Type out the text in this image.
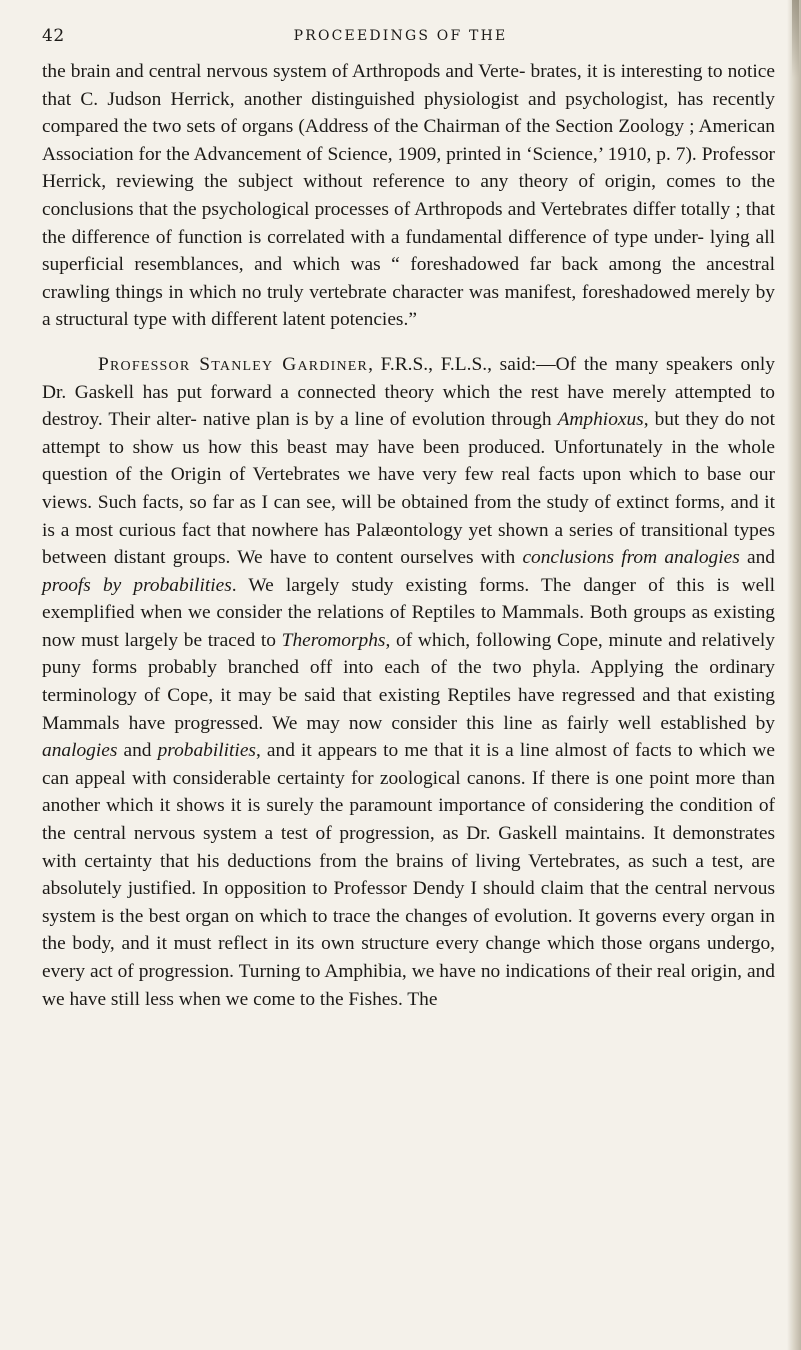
42	PROCEEDINGS OF THE

the brain and central nervous system of Arthropods and Verte- brates, it is interesting to notice that C. Judson Herrick, another distinguished physiologist and psychologist, has recently compared the two sets of organs (Address of the Chairman of the Section Zoology ; American Association for the Advancement of Science, 1909, printed in ‘Science,’ 1910, p. 7). Professor Herrick, reviewing the subject without reference to any theory of origin, comes to the conclusions that the psychological processes of Arthropods and Vertebrates differ totally ; that the difference of function is correlated with a fundamental difference of type under- lying all superficial resemblances, and which was “ foreshadowed far back among the ancestral crawling things in which no truly vertebrate character was manifest, foreshadowed merely by a structural type with different latent potencies.”

Professor Stanley Gardiner, F.R.S., F.L.S., said:—Of the many speakers only Dr. Gaskell has put forward a connected theory which the rest have merely attempted to destroy. Their alter- native plan is by a line of evolution through Amphioxus, but they do not attempt to show us how this beast may have been produced. Unfortunately in the whole question of the Origin of Vertebrates we have very few real facts upon which to base our views. Such facts, so far as I can see, will be obtained from the study of extinct forms, and it is a most curious fact that nowhere has Palæontology yet shown a series of transitional types between distant groups. We have to content ourselves with conclusions from analogies and proofs by probabilities. We largely study existing forms. The danger of this is well exemplified when we consider the relations of Reptiles to Mammals. Both groups as existing now must largely be traced to Theromorphs, of which, following Cope, minute and relatively puny forms probably branched off into each of the two phyla. Applying the ordinary terminology of Cope, it may be said that existing Reptiles have regressed and that existing Mammals have progressed. We may now consider this line as fairly well established by analogies and probabilities, and it appears to me that it is a line almost of facts to which we can appeal with considerable certainty for zoological canons. If there is one point more than another which it shows it is surely the paramount importance of considering the condition of the central nervous system a test of progression, as Dr. Gaskell maintains. It demonstrates with certainty that his deductions from the brains of living Vertebrates, as such a test, are absolutely justified. In opposition to Professor Dendy I should claim that the central nervous system is the best organ on which to trace the changes of evolution. It governs every organ in the body, and it must reflect in its own structure every change which those organs undergo, every act of progression. Turning to Amphibia, we have no indications of their real origin, and we have still less when we come to the Fishes. The
